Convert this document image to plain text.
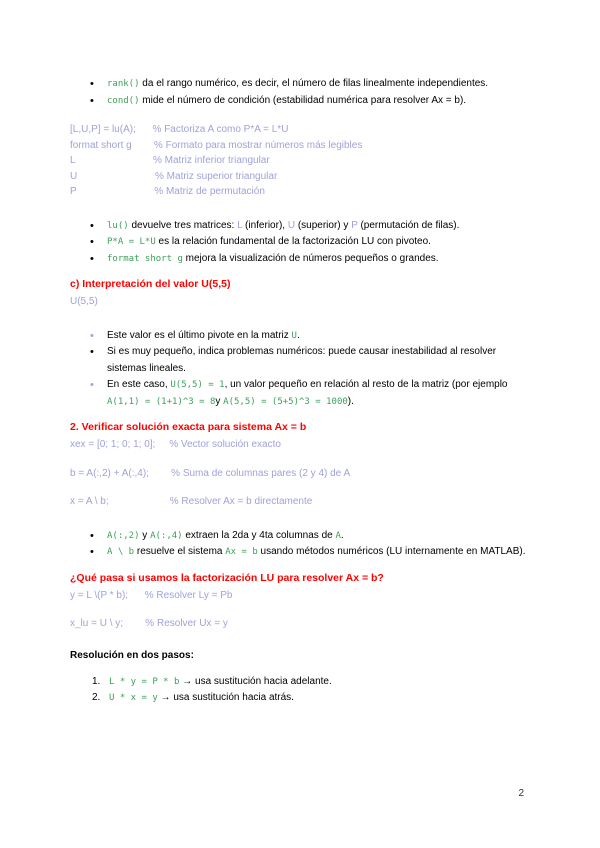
• rank() da el rango numérico, es decir, el número de filas linealmente independientes.
• cond() mide el número de condición (estabilidad numérica para resolver Ax = b).
[L,U,P] = lu(A);      % Factoriza A como P*A = L*U
format short g        % Formato para mostrar números más legibles
L                            % Matriz inferior triangular
U                            % Matriz superior triangular
P                            % Matriz de permutación
• lu() devuelve tres matrices: L (inferior), U (superior) y P (permutación de filas).
• P*A = L*U es la relación fundamental de la factorización LU con pivoteo.
• format short g mejora la visualización de números pequeños o grandes.
c) Interpretación del valor U(5,5)
U(5,5)
• Este valor es el último pivote en la matriz U.
• Si es muy pequeño, indica problemas numéricos: puede causar inestabilidad al resolver sistemas lineales.
• En este caso, U(5,5) = 1, un valor pequeño en relación al resto de la matriz (por ejemplo A(1,1) = (1+1)^3 = 8y A(5,5) = (5+5)^3 = 1000).
2. Verificar solución exacta para sistema Ax = b
xex = [0; 1; 0; 1; 0];     % Vector solución exacto
b = A(:,2) + A(:,4);        % Suma de columnas pares (2 y 4) de A
x = A \ b;                      % Resolver Ax = b directamente
• A(:,2) y A(:,4) extraen la 2da y 4ta columnas de A.
• A \ b resuelve el sistema Ax = b usando métodos numéricos (LU internamente en MATLAB).
¿Qué pasa si usamos la factorización LU para resolver Ax = b?
y = L \(P * b);      % Resolver Ly = Pb
x_lu = U \ y;        % Resolver Ux = y
Resolución en dos pasos:
1. L * y = P * b → usa sustitución hacia adelante.
2. U * x = y → usa sustitución hacia atrás.
2
